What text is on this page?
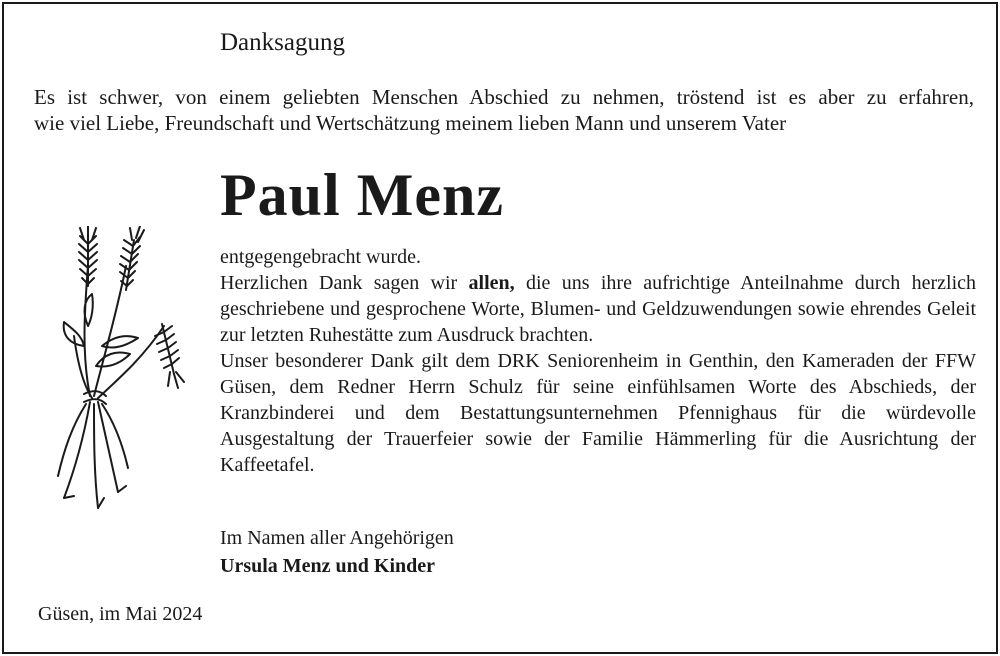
Danksagung
Es ist schwer, von einem geliebten Menschen Abschied zu nehmen, tröstend ist es aber zu erfahren,
wie viel Liebe, Freundschaft und Wertschätzung meinem lieben Mann und unserem Vater
Paul Menz

entgegengebracht wurde.

Herzlichen Dank sagen wir allen, die uns ihre aufrichtige Anteilnahme durch herzlich geschriebene und gesprochene Worte, Blumen- und Geldzuwendungen sowie ehrendes Geleit zur letzten Ruhestätte zum Ausdruck brachten.

Unser besonderer Dank gilt dem DRK Seniorenheim in Genthin, den Kameraden der FFW Güsen, dem Redner Herrn Schulz für seine einfühlsamen Worte des Abschieds, der Kranzbinderei und dem Bestattungsunternehmen Pfennighaus für die würdevolle Ausgestaltung der Trauerfeier sowie der Familie Hämmerling für die Ausrichtung der Kaffeetafel.

Im Namen aller Angehörigen
Ursula Menz und Kinder
Güsen, im Mai 2024
